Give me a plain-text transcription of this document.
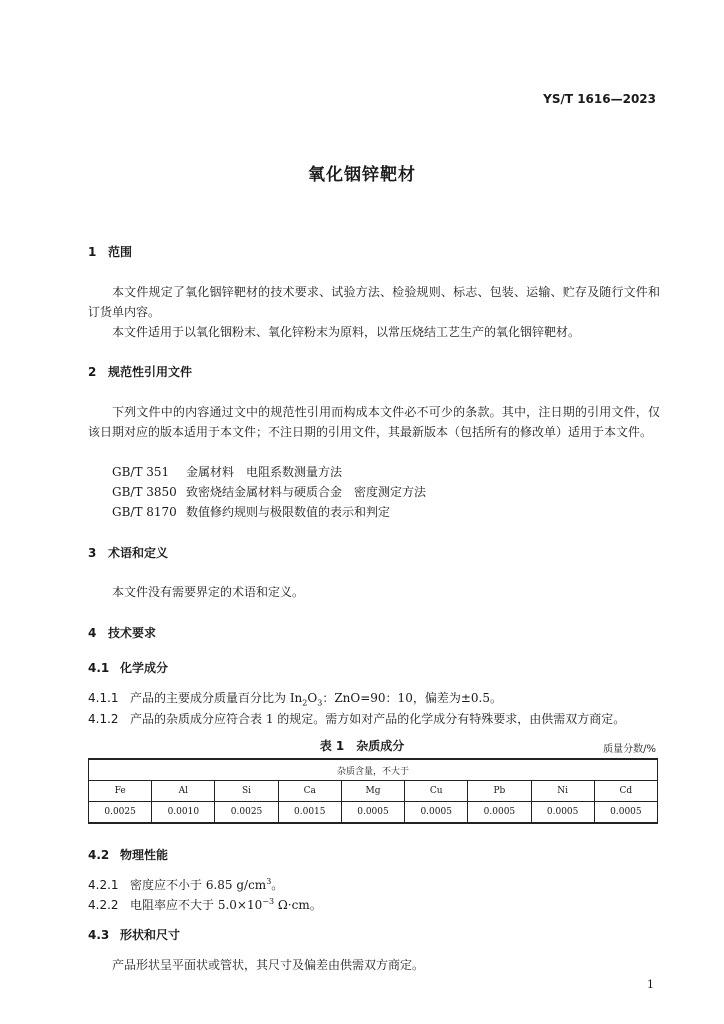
YS/T 1616—2023
氧化铟锌靶材
1 范围
本文件规定了氧化铟锌靶材的技术要求、试验方法、检验规则、标志、包装、运输、贮存及随行文件和订货单内容。
本文件适用于以氧化铟粉末、氧化锌粉末为原料，以常压烧结工艺生产的氧化铟锌靶材。
2 规范性引用文件
下列文件中的内容通过文中的规范性引用而构成本文件必不可少的条款。其中，注日期的引用文件，仅该日期对应的版本适用于本文件；不注日期的引用文件，其最新版本（包括所有的修改单）适用于本文件。
GB/T 351 金属材料　电阻系数测量方法
GB/T 3850 致密烧结金属材料与硬质合金　密度测定方法
GB/T 8170 数值修约规则与极限数值的表示和判定
3 术语和定义
本文件没有需要界定的术语和定义。
4 技术要求
4.1 化学成分
4.1.1 产品的主要成分质量百分比为 $In_2O_3$：ZnO=90：10，偏差为±0.5。
4.1.2 产品的杂质成分应符合表 1 的规定。需方如对产品的化学成分有特殊要求，由供需双方商定。
表 1　杂质成分	质量分数/%
杂质含量，不大于								
Fe	Al	Si	Ca	Mg	Cu	Pb	Ni	Cd
0.0025	0.0010	0.0025	0.0015	0.0005	0.0005	0.0005	0.0005	0.0005
4.2 物理性能
4.2.1 密度应不小于 6.85 $g/cm^3$。
4.2.2 电阻率应不大于 $5.0\times 10^{-3}$ Ω·cm。
4.3 形状和尺寸
产品形状呈平面状或管状，其尺寸及偏差由供需双方商定。
1
